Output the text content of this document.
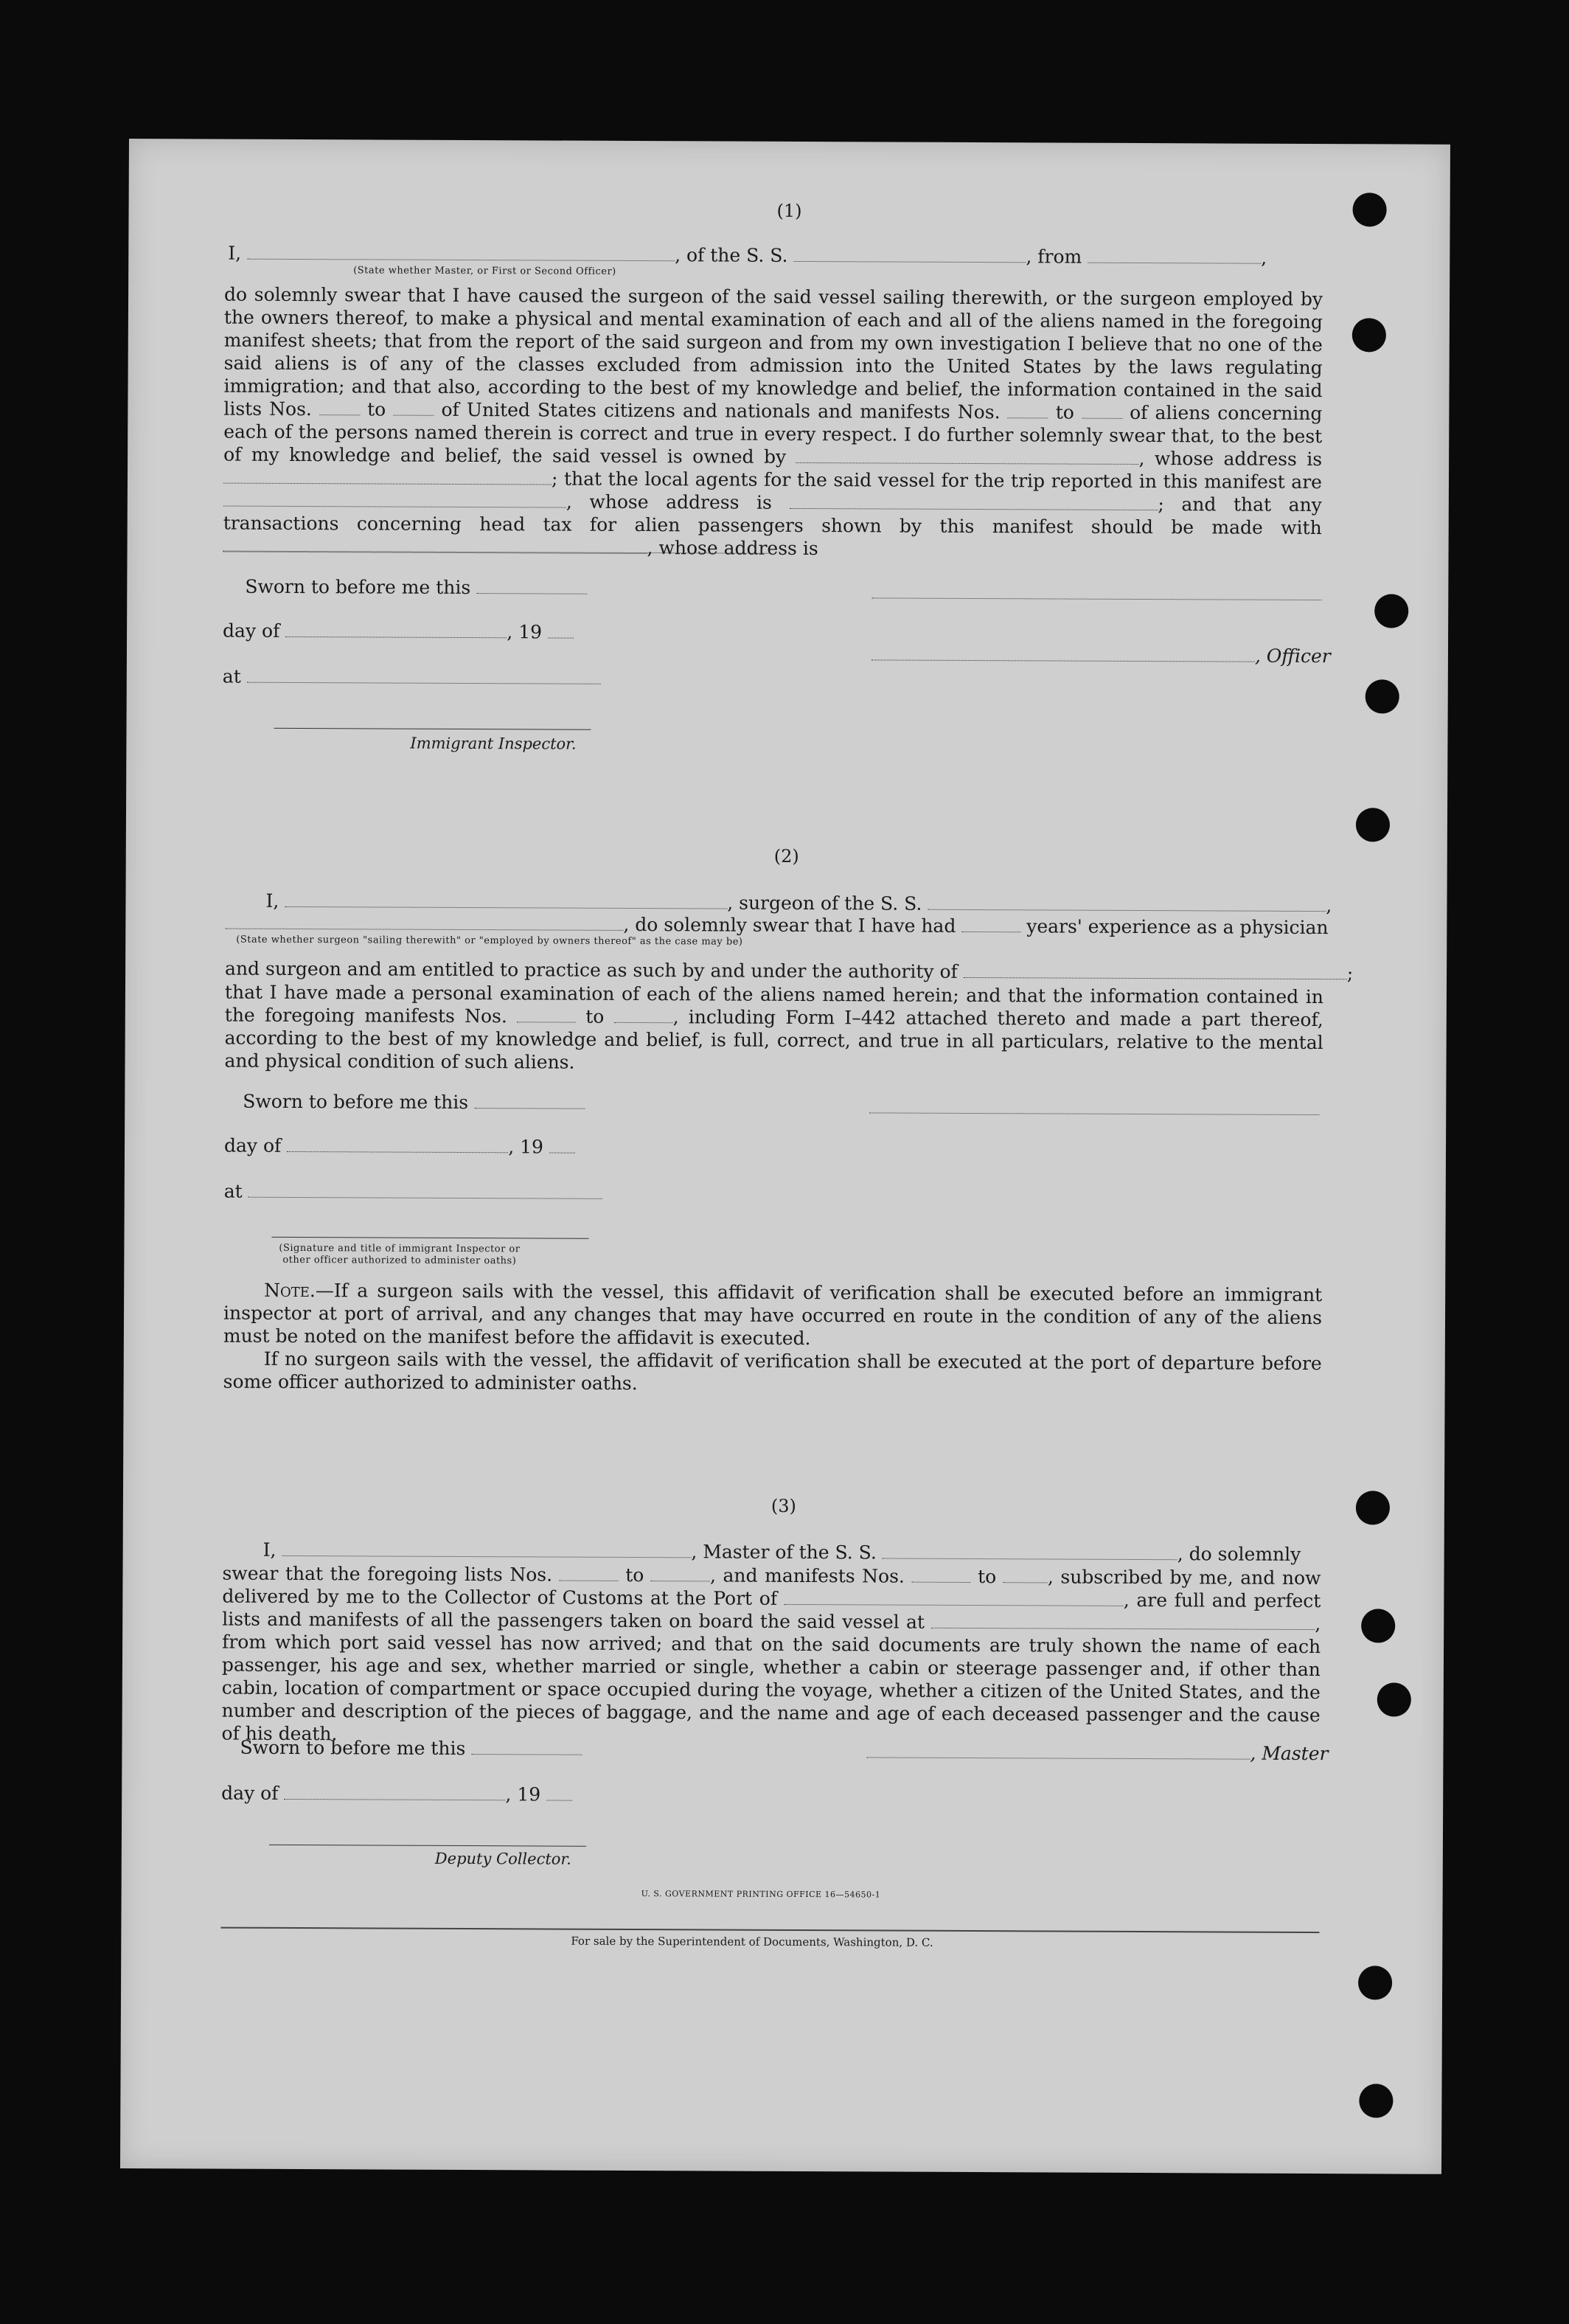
(1)
I,	, of the S. S.	, from	,
(State whether Master, or First or Second Officer)
do solemnly swear that I have caused the surgeon of the said vessel sailing therewith, or the surgeon employed by the owners thereof, to make a physical and mental examination of each and all of the aliens named in the foregoing manifest sheets; that from the report of the said surgeon and from my own investigation I believe that no one of the said aliens is of any of the classes excluded from admission into the United States by the laws regulating immigration; and that also, according to the best of my knowledge and belief, the information contained in the said lists Nos.	to	of United States citizens and nationals and manifests Nos.	to	of aliens concerning each of the persons named therein is correct and true in every respect. I do further solemnly swear that, to the best of my knowledge and belief, the said vessel is owned by	, whose address is ; that the local agents for the said vessel for the trip reported in this manifest are , whose address is	; and that any transactions concerning head tax for alien passengers shown by this manifest should be made with , whose address is
Sworn to before me this
day of	, 19
, Officer
at
Immigrant Inspector.
(2)
I,	, surgeon of the S. S.	,
, do solemnly swear that I have had	years' experience as a physician
(State whether surgeon "sailing therewith" or "employed by owners thereof" as the case may be)
and surgeon and am entitled to practice as such by and under the authority of	;
that I have made a personal examination of each of the aliens named herein; and that the information contained in the foregoing manifests Nos.	to	, including Form I–442 attached thereto and made a part thereof, according to the best of my knowledge and belief, is full, correct, and true in all particulars, relative to the mental and physical condition of such aliens.
Sworn to before me this
day of	, 19
at
(Signature and title of immigrant Inspector or
other officer authorized to administer oaths)

Note.—If a surgeon sails with the vessel, this affidavit of verification shall be executed before an immigrant inspector at port of arrival, and any changes that may have occurred en route in the condition of any of the aliens must be noted on the manifest before the affidavit is executed.

If no surgeon sails with the vessel, the affidavit of verification shall be executed at the port of departure before some officer authorized to administer oaths.

(3)
I,	, Master of the S. S.	, do solemnly
swear that the foregoing lists Nos.	to	, and manifests Nos.	to	, subscribed by me, and now delivered by me to the Collector of Customs at the Port of	, are full and perfect lists and manifests of all the passengers taken on board the said vessel at	, from which port said vessel has now arrived; and that on the said documents are truly shown the name of each passenger, his age and sex, whether married or single, whether a cabin or steerage passenger and, if other than cabin, location of compartment or space occupied during the voyage, whether a citizen of the United States, and the number and description of the pieces of baggage, and the name and age of each deceased passenger and the cause of his death.
Sworn to before me this	, Master
day of	, 19
Deputy Collector.
U. S. GOVERNMENT PRINTING OFFICE 16—54650-1
For sale by the Superintendent of Documents, Washington, D. C.
